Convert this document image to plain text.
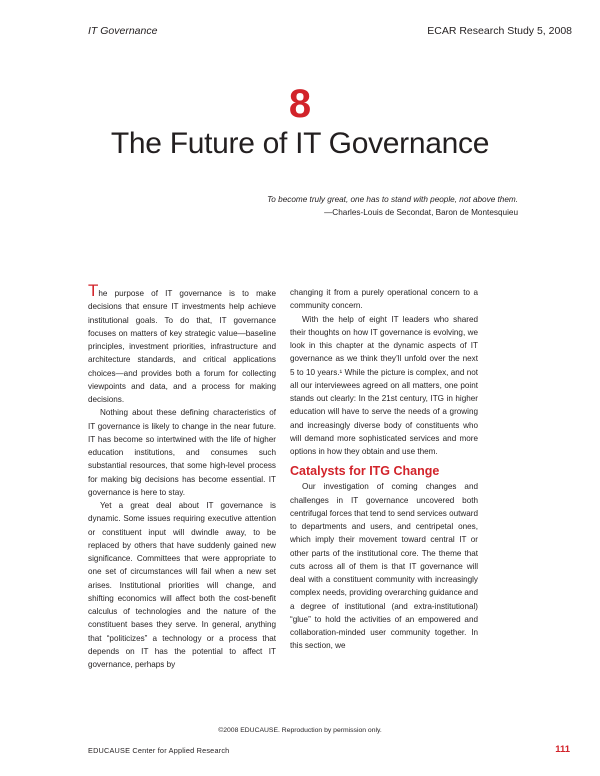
IT Governance	ECAR Research Study 5, 2008
8
The Future of IT Governance
To become truly great, one has to stand with people, not above them.
—Charles-Louis de Secondat, Baron de Montesquieu

The purpose of IT governance is to make decisions that ensure IT investments help achieve institutional goals. To do that, IT governance focuses on matters of key strategic value—baseline principles, investment priorities, infrastructure and architecture standards, and critical applications choices—and provides both a forum for collecting viewpoints and data, and a process for making decisions.

Nothing about these defining characteristics of IT governance is likely to change in the near future. IT has become so intertwined with the life of higher education institutions, and consumes such substantial resources, that some high-level process for making big decisions has become essential. IT governance is here to stay.

Yet a great deal about IT governance is dynamic. Some issues requiring executive attention or constituent input will dwindle away, to be replaced by others that have suddenly gained new significance. Committees that were appropriate to one set of circumstances will fail when a new set arises. Institutional priorities will change, and shifting economics will affect both the cost-benefit calculus of technologies and the nature of the constituent bases they serve. In general, anything that “politicizes” a technology or a process that depends on IT has the potential to affect IT governance, perhaps by

changing it from a purely operational concern to a community concern.

With the help of eight IT leaders who shared their thoughts on how IT governance is evolving, we look in this chapter at the dynamic aspects of IT governance as we think they’ll unfold over the next 5 to 10 years.¹ While the picture is complex, and not all our interviewees agreed on all matters, one point stands out clearly: In the 21st century, ITG in higher education will have to serve the needs of a growing and increasingly diverse body of constituents who will demand more sophisticated services and more options in how they obtain and use them.

Catalysts for ITG Change

Our investigation of coming changes and challenges in IT governance uncovered both centrifugal forces that tend to send services outward to departments and users, and centripetal ones, which imply their movement toward central IT or other parts of the institutional core. The theme that cuts across all of them is that IT governance will deal with a constituent community with increasingly complex needs, providing overarching guidance and a degree of institutional (and extra-institutional) “glue” to hold the activities of an empowered and collaboration-minded user community together. In this section, we

©2008 EDUCAUSE. Reproduction by permission only.
EDUCAUSE Center for Applied Research	111
